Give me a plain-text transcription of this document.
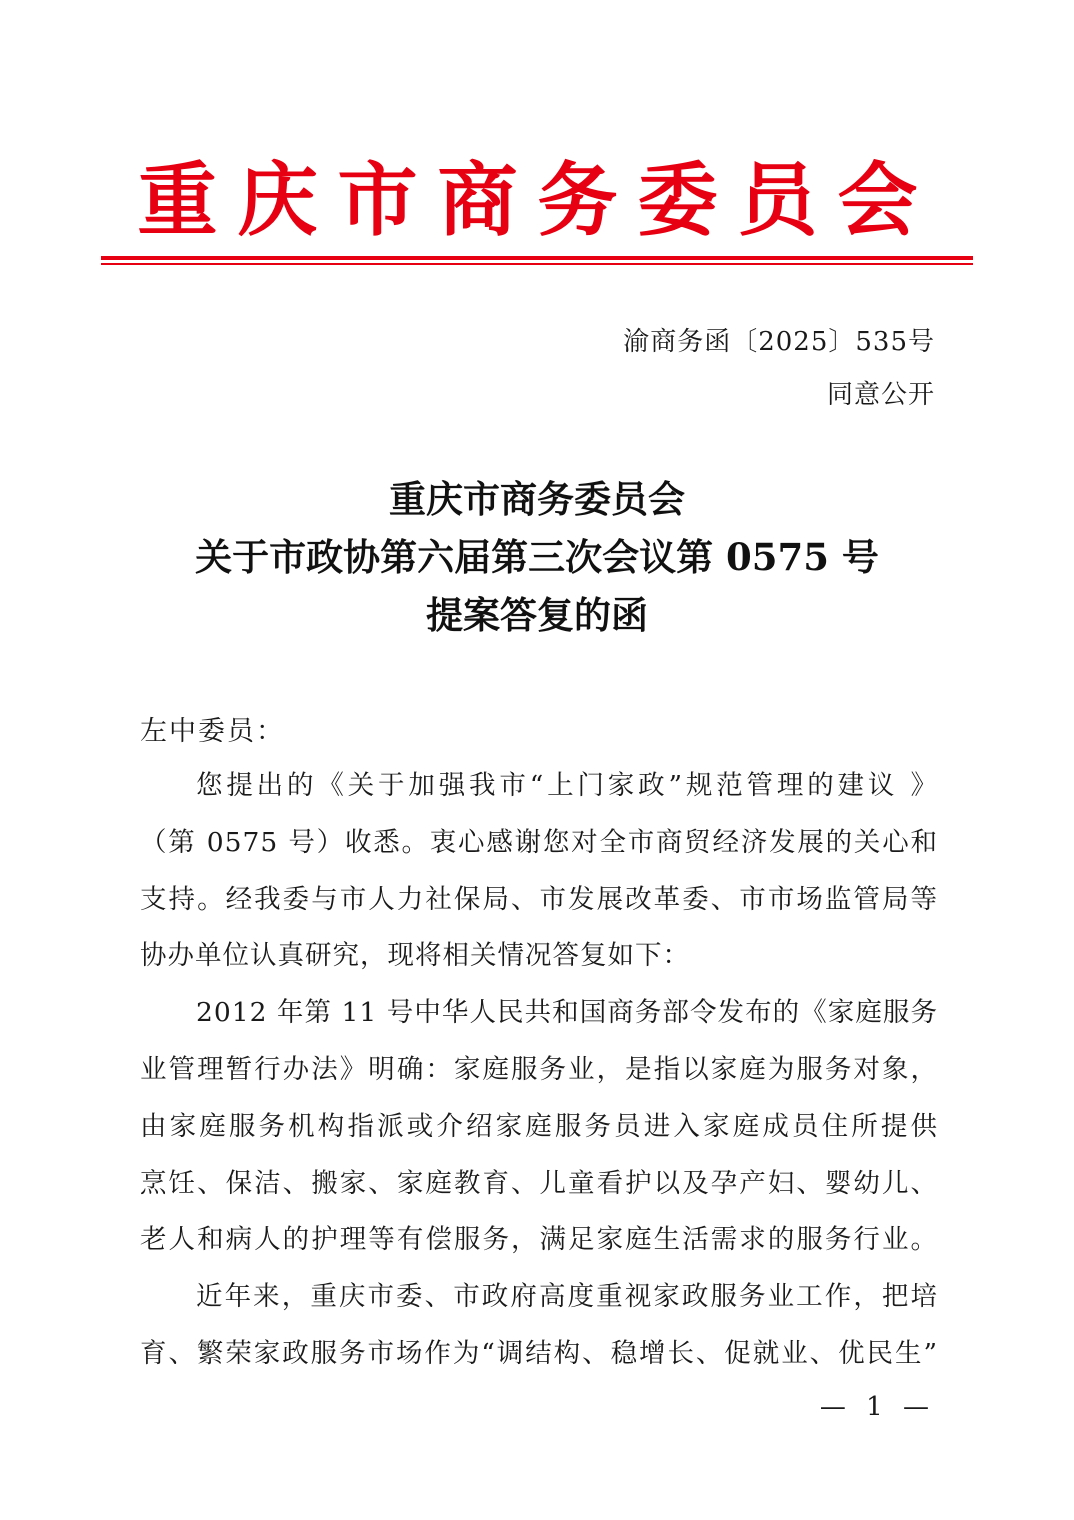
重庆市商务委员会
渝商务函〔2025〕535号
同意公开
重庆市商务委员会
关于市政协第六届第三次会议第 0575 号
提案答复的函
左中委员：
您提出的《关于加强我市“上门家政”规范管理的建议 》
（第 0575 号）收悉。衷心感谢您对全市商贸经济发展的关心和
支持。经我委与市人力社保局、市发展改革委、市市场监管局等
协办单位认真研究，现将相关情况答复如下：
2012 年第 11 号中华人民共和国商务部令发布的《家庭服务
业管理暂行办法》明确：家庭服务业，是指以家庭为服务对象，
由家庭服务机构指派或介绍家庭服务员进入家庭成员住所提供
烹饪、保洁、搬家、家庭教育、儿童看护以及孕产妇、婴幼儿、
老人和病人的护理等有偿服务，满足家庭生活需求的服务行业。
近年来，重庆市委、市政府高度重视家政服务业工作，把培
育、繁荣家政服务市场作为“调结构、稳增长、促就业、优民生”
— 1 —
